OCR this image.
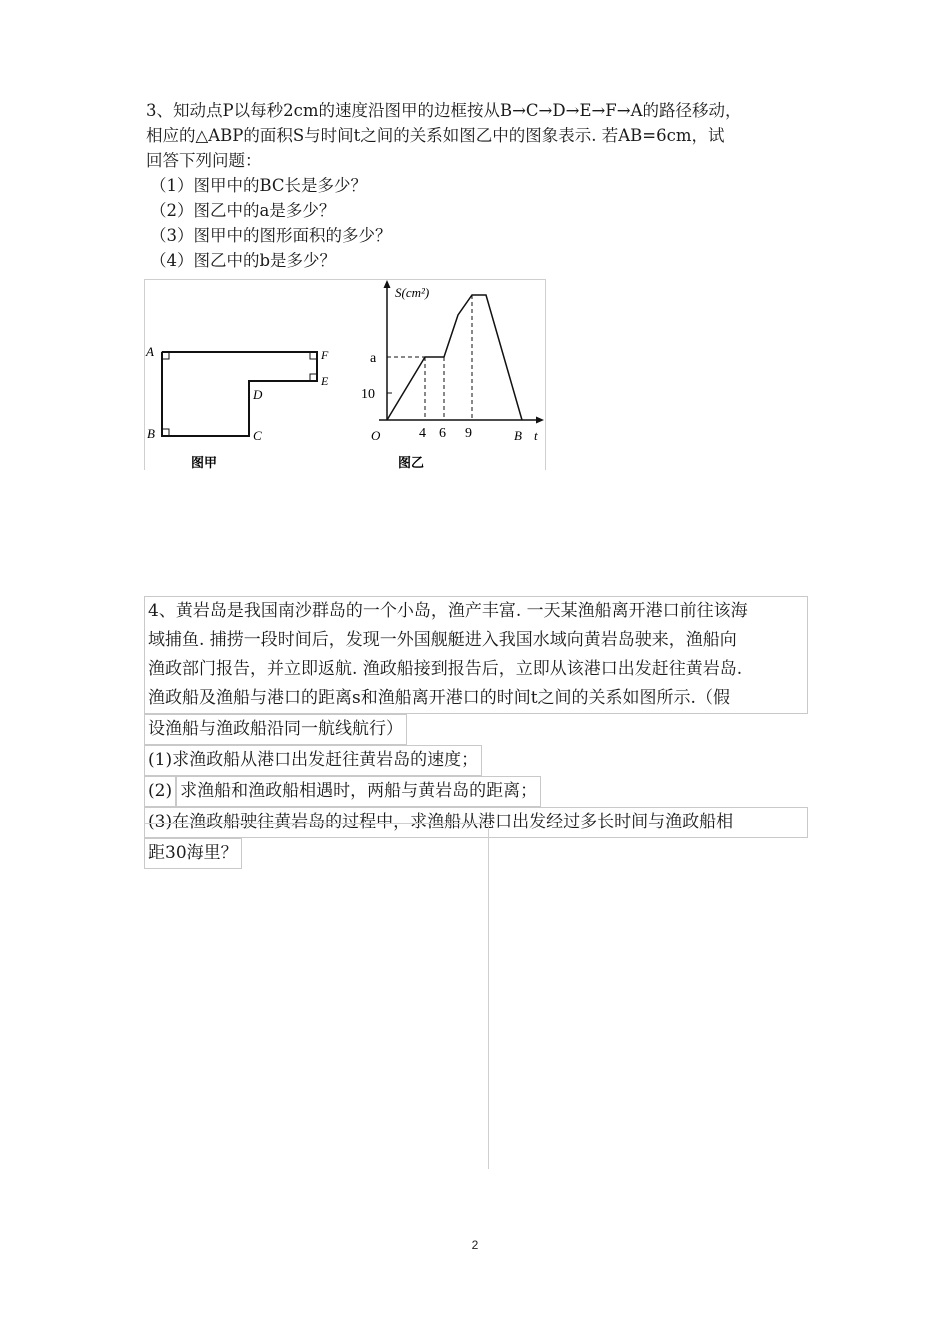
3、知动点P以每秒2cm的速度沿图甲的边框按从B→C→D→E→F→A的路径移动，
相应的△ABP的面积S与时间t之间的关系如图乙中的图象表示. 若AB=6cm，试
回答下列问题：
（1）图甲中的BC长是多少？
（2）图乙中的a是多少？
（3）图甲中的图形面积的多少？
（4）图乙中的b是多少？
A
B	C
D
E
F
图甲
S(cm²)
a
10
O	4 6 9	B t
图乙
4、黄岩岛是我国南沙群岛的一个小岛，渔产丰富. 一天某渔船离开港口前往该海
域捕鱼. 捕捞一段时间后，发现一外国舰艇进入我国水域向黄岩岛驶来，渔船向
渔政部门报告，并立即返航. 渔政船接到报告后，立即从该港口出发赶往黄岩岛.
渔政船及渔船与港口的距离s和渔船离开港口的时间t之间的关系如图所示.（假
设渔船与渔政船沿同一航线航行）
(1)求渔政船从港口出发赶往黄岩岛的速度；
(2) 求渔船和渔政船相遇时，两船与黄岩岛的距离；
(3)在渔政船驶往黄岩岛的过程中，求渔船从港口出发经过多长时间与渔政船相
距30海里？
2
